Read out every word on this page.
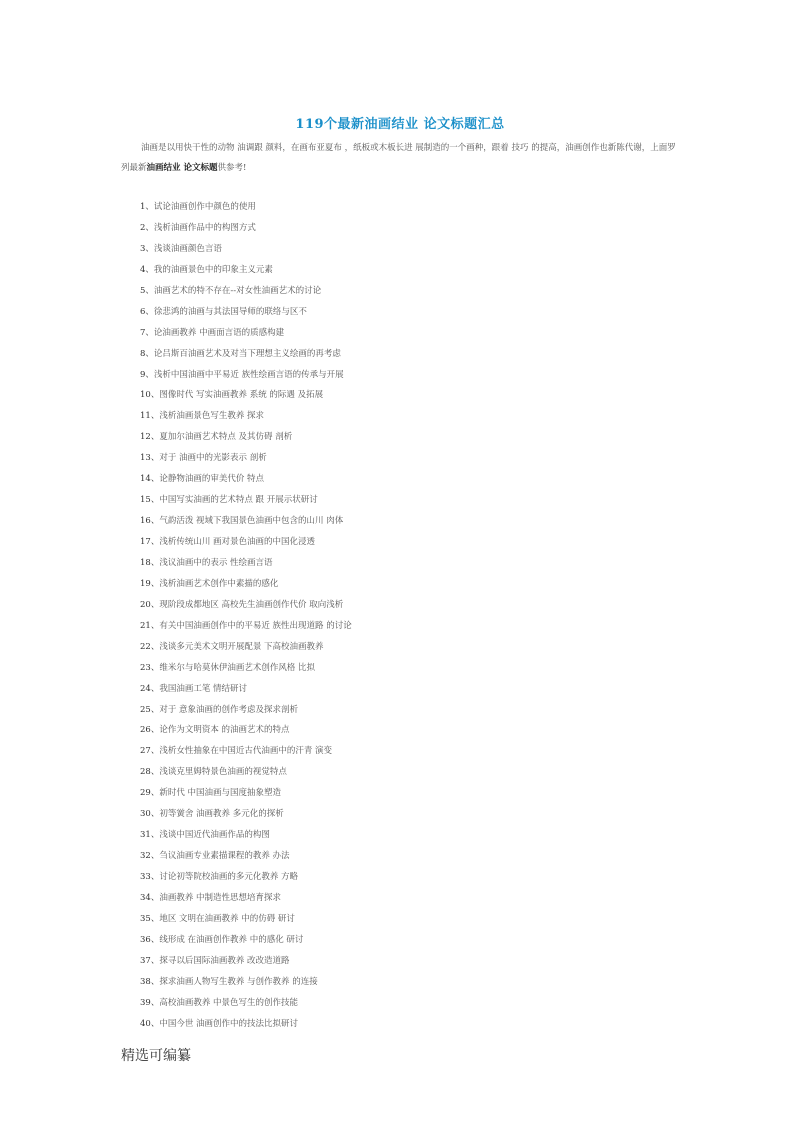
119个最新油画结业 论文标题汇总
油画是以用快干性的动物 油调跟 颜料，在画布亚夏布 ，纸板或木板长进 展制造的一个画种，跟着 技巧 的提高，油画创作也新陈代谢，上面罗列最新油画结业 论文标题供参考!
1、试论油画创作中颜色的使用
2、浅析油画作品中的构图方式
3、浅谈油画颜色言语
4、我的油画景色中的印象主义元素
5、油画艺术的特不存在--对女性油画艺术的讨论
6、徐悲鸿的油画与其法国导师的联络与区不
7、论油画教养 中画面言语的质感构建
8、论吕斯百油画艺术及对当下理想主义绘画的再考虑
9、浅析中国油画中平易近 族性绘画言语的传承与开展
10、图像时代 写实油画教养 系统 的际遇 及拓展
11、浅析油画景色写生教养 探求
12、夏加尔油画艺术特点 及其仿碍 剖析
13、对于 油画中的光影表示 剖析
14、论静物油画的审美代价 特点
15、中国写实油画的艺术特点 跟 开展示状研讨
16、气韵活泼 视域下我国景色油画中包含的山川 肉体
17、浅析传统山川 画对景色油画的中国化浸透
18、浅议油画中的表示 性绘画言语
19、浅析油画艺术创作中素描的感化
20、现阶段成都地区 高校先生油画创作代价 取向浅析
21、有关中国油画创作中的平易近 族性出现道路 的讨论
22、浅谈多元美术文明开展配景 下高校油画教养
23、维米尔与哈莫休伊油画艺术创作风格 比拟
24、我国油画工笔 情结研讨
25、对于 意象油画的创作考虑及探求剖析
26、论作为文明资本 的油画艺术的特点
27、浅析女性抽象在中国近古代油画中的汗青 演变
28、浅谈克里姆特景色油画的视觉特点
29、新时代 中国油画与国度抽象塑造
30、初等黉舍 油画教养 多元化的探析
31、浅谈中国近代油画作品的构图
32、刍议油画专业素描课程的教养 办法
33、讨论初等院校油画的多元化教养 方略
34、油画教养 中制造性思想培育探求
35、地区 文明在油画教养 中的仿碍 研讨
36、线形成 在油画创作教养 中的感化 研讨
37、探寻以后国际油画教养 改改造道路
38、探求油画人物写生教养 与创作教养 的连接
39、高校油画教养 中景色写生的创作技能
40、中国今世 油画创作中的技法比拟研讨
精选可编纂
